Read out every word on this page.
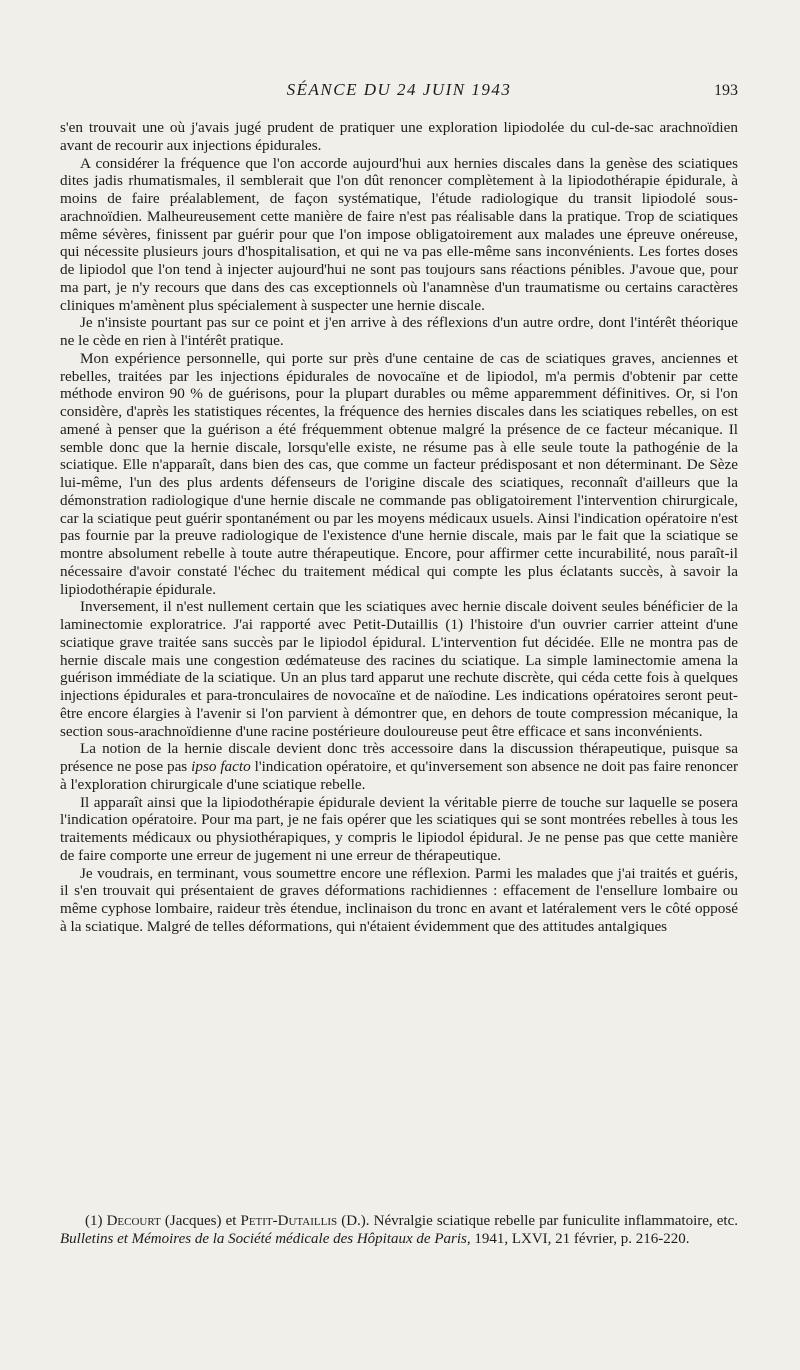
SÉANCE DU 24 JUIN 1943	193

s'en trouvait une où j'avais jugé prudent de pratiquer une exploration lipiodolée du cul-de-sac arachnoïdien avant de recourir aux injections épidurales.

A considérer la fréquence que l'on accorde aujourd'hui aux hernies discales dans la genèse des sciatiques dites jadis rhumatismales, il semblerait que l'on dût renoncer complètement à la lipiodothérapie épidurale, à moins de faire préalablement, de façon systématique, l'étude radiologique du transit lipiodolé sous-arachnoïdien. Malheureusement cette manière de faire n'est pas réalisable dans la pratique. Trop de sciatiques même sévères, finissent par guérir pour que l'on impose obligatoirement aux malades une épreuve onéreuse, qui nécessite plusieurs jours d'hospitalisation, et qui ne va pas elle-même sans inconvénients. Les fortes doses de lipiodol que l'on tend à injecter aujourd'hui ne sont pas toujours sans réactions pénibles. J'avoue que, pour ma part, je n'y recours que dans des cas exceptionnels où l'anamnèse d'un traumatisme ou certains caractères cliniques m'amènent plus spécialement à suspecter une hernie discale.

Je n'insiste pourtant pas sur ce point et j'en arrive à des réflexions d'un autre ordre, dont l'intérêt théorique ne le cède en rien à l'intérêt pratique.

Mon expérience personnelle, qui porte sur près d'une centaine de cas de sciatiques graves, anciennes et rebelles, traitées par les injections épidurales de novocaïne et de lipiodol, m'a permis d'obtenir par cette méthode environ 90 % de guérisons, pour la plupart durables ou même apparemment définitives. Or, si l'on considère, d'après les statistiques récentes, la fréquence des hernies discales dans les sciatiques rebelles, on est amené à penser que la guérison a été fréquemment obtenue malgré la présence de ce facteur mécanique. Il semble donc que la hernie discale, lorsqu'elle existe, ne résume pas à elle seule toute la pathogénie de la sciatique. Elle n'apparaît, dans bien des cas, que comme un facteur prédisposant et non déterminant. De Sèze lui-même, l'un des plus ardents défenseurs de l'origine discale des sciatiques, reconnaît d'ailleurs que la démonstration radiologique d'une hernie discale ne commande pas obligatoirement l'intervention chirurgicale, car la sciatique peut guérir spontanément ou par les moyens médicaux usuels. Ainsi l'indication opératoire n'est pas fournie par la preuve radiologique de l'existence d'une hernie discale, mais par le fait que la sciatique se montre absolument rebelle à toute autre thérapeutique. Encore, pour affirmer cette incurabilité, nous paraît-il nécessaire d'avoir constaté l'échec du traitement médical qui compte les plus éclatants succès, à savoir la lipiodothérapie épidurale.

Inversement, il n'est nullement certain que les sciatiques avec hernie discale doivent seules bénéficier de la laminectomie exploratrice. J'ai rapporté avec Petit-Dutaillis (1) l'histoire d'un ouvrier carrier atteint d'une sciatique grave traitée sans succès par le lipiodol épidural. L'intervention fut décidée. Elle ne montra pas de hernie discale mais une congestion œdémateuse des racines du sciatique. La simple laminectomie amena la guérison immédiate de la sciatique. Un an plus tard apparut une rechute discrète, qui céda cette fois à quelques injections épidurales et para-tronculaires de novocaïne et de naïodine. Les indications opératoires seront peut-être encore élargies à l'avenir si l'on parvient à démontrer que, en dehors de toute compression mécanique, la section sous-arachnoïdienne d'une racine postérieure douloureuse peut être efficace et sans inconvénients.

La notion de la hernie discale devient donc très accessoire dans la discussion thérapeutique, puisque sa présence ne pose pas ipso facto l'indication opératoire, et qu'inversement son absence ne doit pas faire renoncer à l'exploration chirurgicale d'une sciatique rebelle.

Il apparaît ainsi que la lipiodothérapie épidurale devient la véritable pierre de touche sur laquelle se posera l'indication opératoire. Pour ma part, je ne fais opérer que les sciatiques qui se sont montrées rebelles à tous les traitements médicaux ou physiothérapiques, y compris le lipiodol épidural. Je ne pense pas que cette manière de faire comporte une erreur de jugement ni une erreur de thérapeutique.

Je voudrais, en terminant, vous soumettre encore une réflexion. Parmi les malades que j'ai traités et guéris, il s'en trouvait qui présentaient de graves déformations rachidiennes : effacement de l'ensellure lombaire ou même cyphose lombaire, raideur très étendue, inclinaison du tronc en avant et latéralement vers le côté opposé à la sciatique. Malgré de telles déformations, qui n'étaient évidemment que des attitudes antalgiques

(1) Decourt (Jacques) et Petit-Dutaillis (D.). Névralgie sciatique rebelle par funiculite inflammatoire, etc. Bulletins et Mémoires de la Société médicale des Hôpitaux de Paris, 1941, LXVI, 21 février, p. 216-220.
